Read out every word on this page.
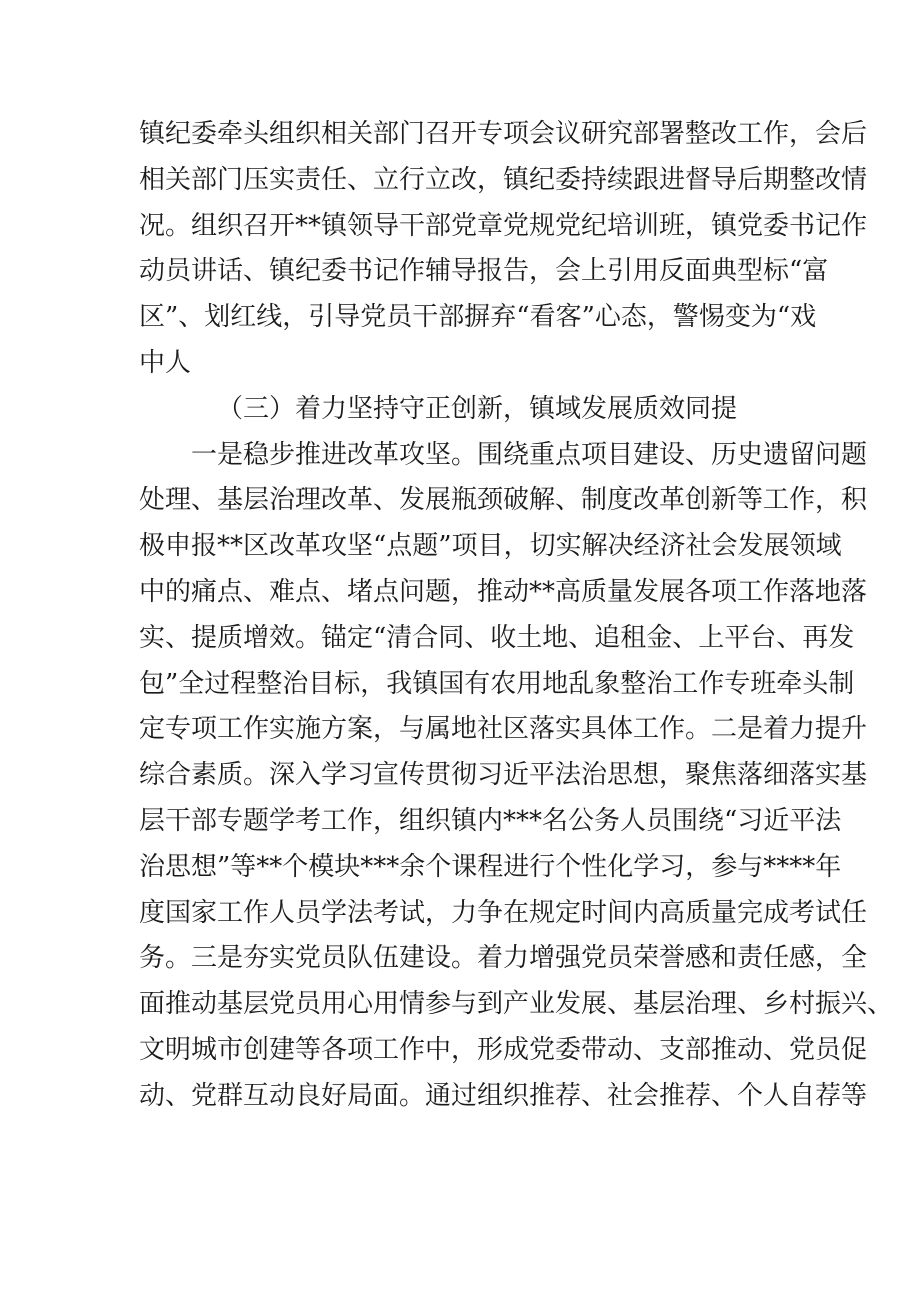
镇纪委牵头组织相关部门召开专项会议研究部署整改工作，会后
相关部门压实责任、立行立改，镇纪委持续跟进督导后期整改情
况。组织召开**镇领导干部党章党规党纪培训班，镇党委书记作
动员讲话、镇纪委书记作辅导报告，会上引用反面典型标“富
区”、划红线，引导党员干部摒弃“看客”心态，警惕变为“戏
中人
（三）着力坚持守正创新，镇域发展质效同提
一是稳步推进改革攻坚。围绕重点项目建设、历史遗留问题
处理、基层治理改革、发展瓶颈破解、制度改革创新等工作，积
极申报**区改革攻坚“点题”项目，切实解决经济社会发展领域
中的痛点、难点、堵点问题，推动**高质量发展各项工作落地落
实、提质增效。锚定“清合同、收土地、追租金、上平台、再发
包”全过程整治目标，我镇国有农用地乱象整治工作专班牵头制
定专项工作实施方案，与属地社区落实具体工作。二是着力提升
综合素质。深入学习宣传贯彻习近平法治思想，聚焦落细落实基
层干部专题学考工作，组织镇内***名公务人员围绕“习近平法
治思想”等**个模块***余个课程进行个性化学习，参与****年
度国家工作人员学法考试，力争在规定时间内高质量完成考试任
务。三是夯实党员队伍建设。着力增强党员荣誉感和责任感，全
面推动基层党员用心用情参与到产业发展、基层治理、乡村振兴、
文明城市创建等各项工作中，形成党委带动、支部推动、党员促
动、党群互动良好局面。通过组织推荐、社会推荐、个人自荐等
